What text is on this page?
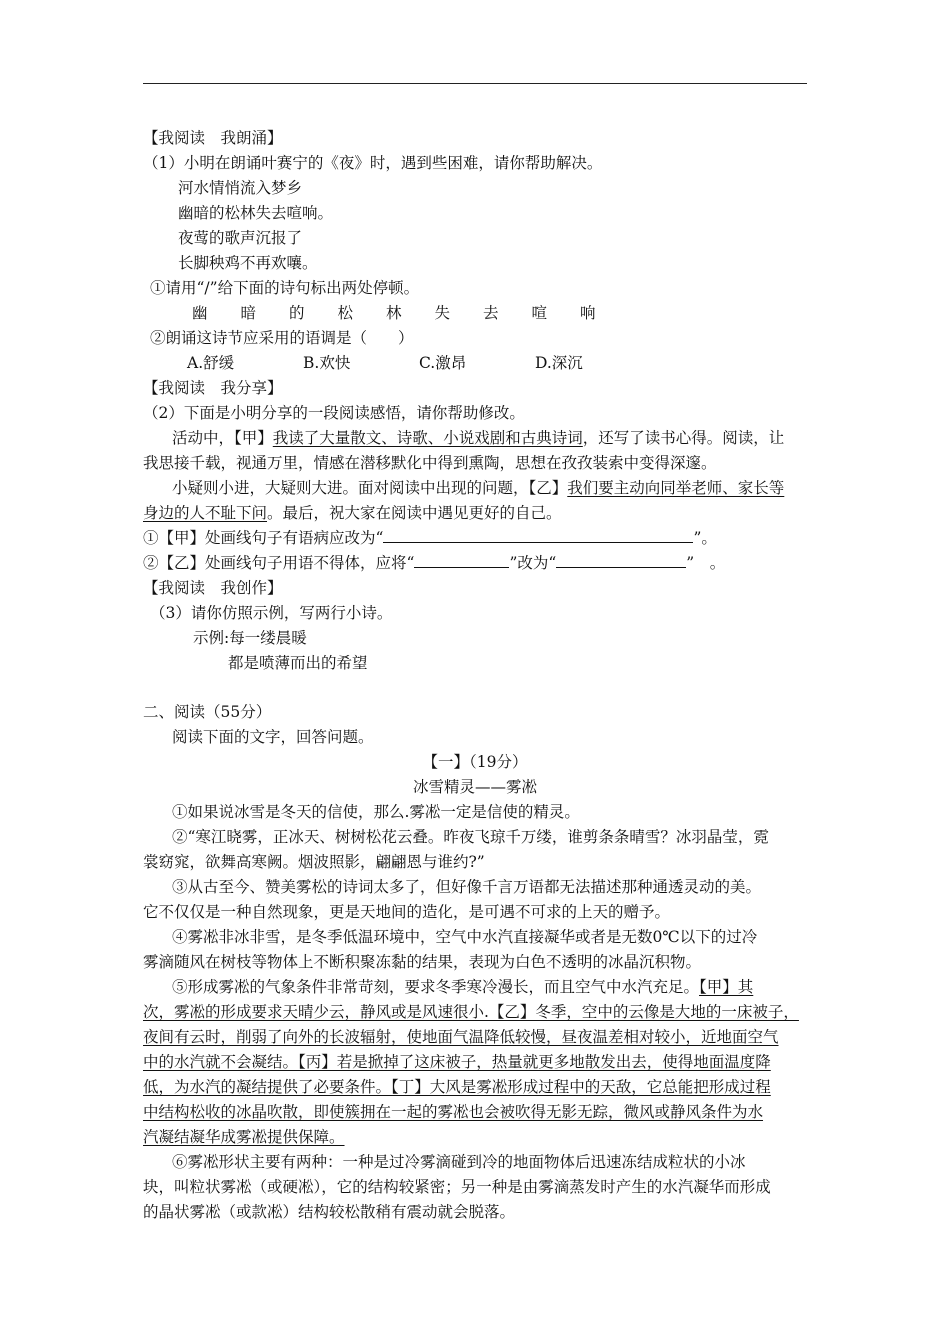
【我阅读　我朗涌】
（1）小明在朗诵叶赛宁的《夜》时，遇到些困难，请你帮助解决。
河水情悄流入梦乡
幽暗的松林失去喧响。
夜莺的歌声沉报了
长脚秧鸡不再欢嚷。
①请用“/”给下面的诗句标出两处停顿。
幽 暗 的 松 林 失 去 喧 响
②朗诵这诗节应采用的语调是（　　）
A.舒缓	B.欢快	C.激昂	D.深沉
【我阅读　我分享】
（2）下面是小明分享的一段阅读感悟，请你帮助修改。
活动中，【甲】我读了大量散文、诗歌、小说戏剧和古典诗词，还写了读书心得。阅读，让
我思接千载，视通万里，情感在潜移默化中得到熏陶，思想在孜孜装索中变得深邃。
小疑则小进，大疑则大进。面对阅读中出现的问题，【乙】我们要主动向同举老师、家长等
身边的人不耻下问。最后，祝大家在阅读中遇见更好的自己。
①【甲】处画线句子有语病应改为“	”。
②【乙】处画线句子用语不得体，应将“	”改为“	”　。
【我阅读　我创作】
（3）请你仿照示例，写两行小诗。
示例:每一缕晨暖
都是喷薄而出的希望
二、阅读（55分）
阅读下面的文字，回答问题。
【一】（19分）
冰雪精灵——雾凇
①如果说冰雪是冬天的信使，那么.雾凇一定是信使的精灵。
②“寒江晓雾，正冰天、树树松花云叠。昨夜飞琼千万缕，谁剪条条晴雪？冰羽晶莹，霓
裳窈窕，欲舞高寒阙。烟波照影，翩翩恩与谁约?”
③从古至今、赞美雾松的诗词太多了，但好像千言万语都无法描述那种通透灵动的美。
它不仅仅是一种自然现象，更是天地间的造化，是可遇不可求的上天的赠予。
④雾凇非冰非雪，是冬季低温环境中，空气中水汽直接凝华或者是无数0℃以下的过冷
雾滴随风在树枝等物体上不断积聚冻黏的结果，表现为白色不透明的冰晶沉积物。
⑤形成雾凇的气象条件非常苛刻，要求冬季寒冷漫长，而且空气中水汽充足。【甲】其
次，雾凇的形成要求天晴少云，静风或是风速很小.【乙】冬季，空中的云像是大地的一床被子，
夜间有云时，削弱了向外的长波辐射，使地面气温降低较慢，昼夜温差相对较小，近地面空气
中的水汽就不会凝结。【丙】若是掀掉了这床被子，热量就更多地散发出去，使得地面温度降
低，为水汽的凝结提供了必要条件。【丁】大风是雾凇形成过程中的天敌，它总能把形成过程
中结构松收的冰晶吹散，即使簇拥在一起的雾凇也会被吹得无影无踪，微风或静风条件为水
汽凝结凝华成雾凇提供保障。
⑥雾凇形状主要有两种：一种是过冷雾滴碰到冷的地面物体后迅速冻结成粒状的小冰
块，叫粒状雾凇（或硬凇），它的结构较紧密；另一种是由雾滴蒸发时产生的水汽凝华而形成
的晶状雾凇（或款凇）结构较松散稍有震动就会脱落。
